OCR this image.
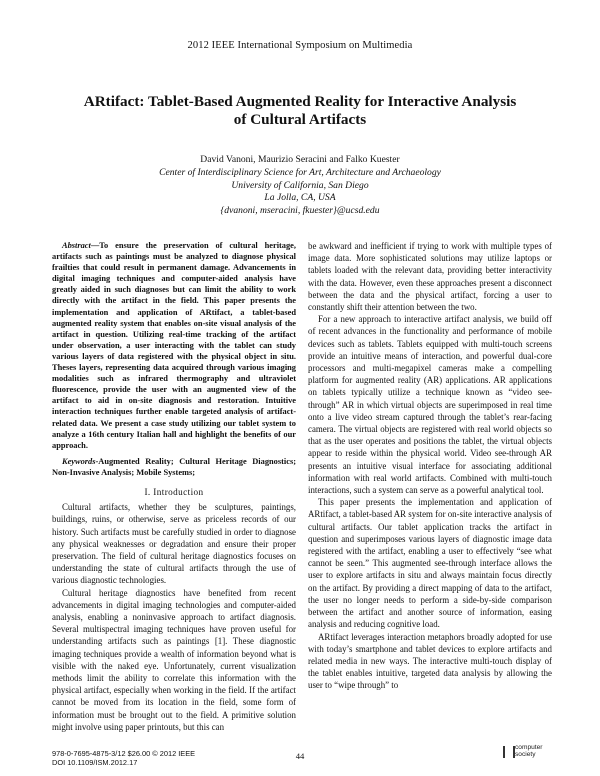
2012 IEEE International Symposium on Multimedia
ARtifact: Tablet-Based Augmented Reality for Interactive Analysis
of Cultural Artifacts
David Vanoni, Maurizio Seracini and Falko Kuester
Center of Interdisciplinary Science for Art, Architecture and Archaeology
University of California, San Diego
La Jolla, CA, USA
{dvanoni, mseracini, fkuester}@ucsd.edu

Abstract—To ensure the preservation of cultural heritage, artifacts such as paintings must be analyzed to diagnose physical frailties that could result in permanent damage. Advancements in digital imaging techniques and computer-aided analysis have greatly aided in such diagnoses but can limit the ability to work directly with the artifact in the field. This paper presents the implementation and application of ARtifact, a tablet-based augmented reality system that enables on-site visual analysis of the artifact in question. Utilizing real-time tracking of the artifact under observation, a user interacting with the tablet can study various layers of data registered with the physical object in situ. Theses layers, representing data acquired through various imaging modalities such as infrared thermography and ultraviolet fluorescence, provide the user with an augmented view of the artifact to aid in on-site diagnosis and restoration. Intuitive interaction techniques further enable targeted analysis of artifact-related data. We present a case study utilizing our tablet system to analyze a 16th century Italian hall and highlight the benefits of our approach.

Keywords-Augmented Reality; Cultural Heritage Diagnostics; Non-Invasive Analysis; Mobile Systems;

I. Introduction

Cultural artifacts, whether they be sculptures, paintings, buildings, ruins, or otherwise, serve as priceless records of our history. Such artifacts must be carefully studied in order to diagnose any physical weaknesses or degradation and ensure their proper preservation. The field of cultural heritage diagnostics focuses on understanding the state of cultural artifacts through the use of various diagnostic technologies.

Cultural heritage diagnostics have benefited from recent advancements in digital imaging technologies and computer-aided analysis, enabling a noninvasive approach to artifact diagnosis. Several multispectral imaging techniques have proven useful for understanding artifacts such as paintings [1]. These diagnostic imaging techniques provide a wealth of information beyond what is visible with the naked eye. Unfortunately, current visualization methods limit the ability to correlate this information with the physical artifact, especially when working in the field. If the artifact cannot be moved from its location in the field, some form of information must be brought out to the field. A primitive solution might involve using paper printouts, but this can

be awkward and inefficient if trying to work with multiple types of image data. More sophisticated solutions may utilize laptops or tablets loaded with the relevant data, providing better interactivity with the data. However, even these approaches present a disconnect between the data and the physical artifact, forcing a user to constantly shift their attention between the two.

For a new approach to interactive artifact analysis, we build off of recent advances in the functionality and performance of mobile devices such as tablets. Tablets equipped with multi-touch screens provide an intuitive means of interaction, and powerful dual-core processors and multi-megapixel cameras make a compelling platform for augmented reality (AR) applications. AR applications on tablets typically utilize a technique known as “video see-through” AR in which virtual objects are superimposed in real time onto a live video stream captured through the tablet’s rear-facing camera. The virtual objects are registered with real world objects so that as the user operates and positions the tablet, the virtual objects appear to reside within the physical world. Video see-through AR presents an intuitive visual interface for associating additional information with real world artifacts. Combined with multi-touch interactions, such a system can serve as a powerful analytical tool.

This paper presents the implementation and application of ARtifact, a tablet-based AR system for on-site interactive analysis of cultural artifacts. Our tablet application tracks the artifact in question and superimposes various layers of diagnostic image data registered with the artifact, enabling a user to effectively “see what cannot be seen.” This augmented see-through interface allows the user to explore artifacts in situ and always maintain focus directly on the artifact. By providing a direct mapping of data to the artifact, the user no longer needs to perform a side-by-side comparison between the artifact and another source of information, easing analysis and reducing cognitive load.

ARtifact leverages interaction metaphors broadly adopted for use with today’s smartphone and tablet devices to explore artifacts and related media in new ways. The interactive multi-touch display of the tablet enables intuitive, targeted data analysis by allowing the user to “wipe through” to

978-0-7695-4875-3/12 $26.00 © 2012 IEEE
DOI 10.1109/ISM.2012.17
44
computer
society
